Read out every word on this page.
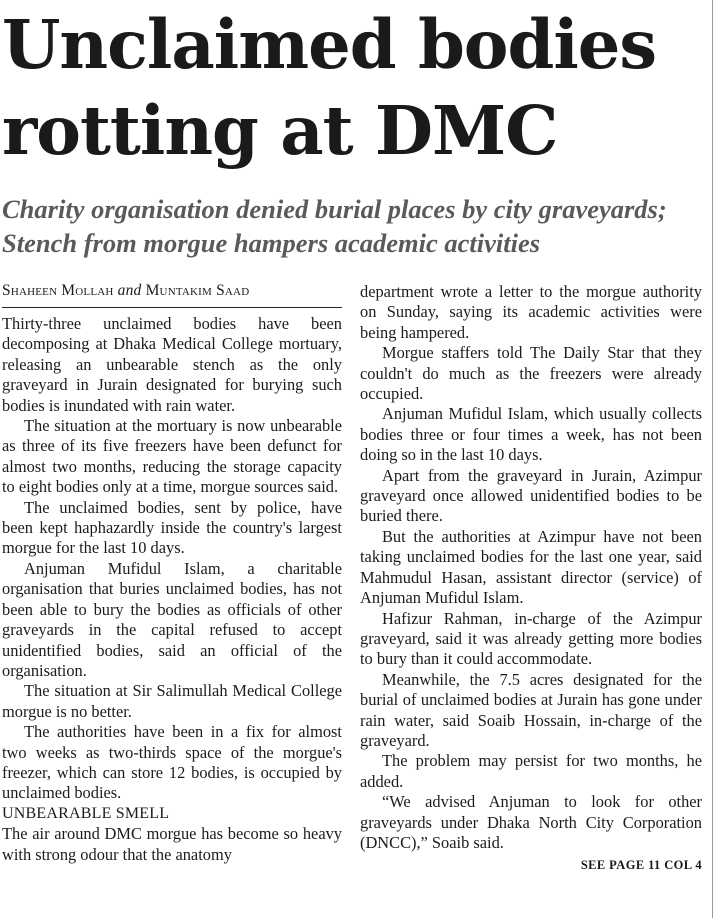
Unclaimed bodies
rotting at DMC
Charity organisation denied burial places by city graveyards;
Stench from morgue hampers academic activities
Shaheen Mollah and Muntakim Saad

Thirty-three unclaimed bodies have been decomposing at Dhaka Medical College mortuary, releasing an unbearable stench as the only graveyard in Jurain designated for burying such bodies is inundated with rain water.

The situation at the mortuary is now unbearable as three of its five freezers have been defunct for almost two months, reducing the storage capacity to eight bodies only at a time, morgue sources said.

The unclaimed bodies, sent by police, have been kept haphazardly inside the country's largest morgue for the last 10 days.

Anjuman Mufidul Islam, a charitable organisation that buries unclaimed bodies, has not been able to bury the bodies as officials of other graveyards in the capital refused to accept unidentified bodies, said an official of the organisation.

The situation at Sir Salimullah Medical College morgue is no better.

The authorities have been in a fix for almost two weeks as two-thirds space of the morgue's freezer, which can store 12 bodies, is occupied by unclaimed bodies.

UNBEARABLE SMELL

The air around DMC morgue has become so heavy with strong odour that the anatomy

department wrote a letter to the morgue authority on Sunday, saying its academic activities were being hampered.

Morgue staffers told The Daily Star that they couldn't do much as the freezers were already occupied.

Anjuman Mufidul Islam, which usually collects bodies three or four times a week, has not been doing so in the last 10 days.

Apart from the graveyard in Jurain, Azimpur graveyard once allowed unidentified bodies to be buried there.

But the authorities at Azimpur have not been taking unclaimed bodies for the last one year, said Mahmudul Hasan, assistant director (service) of Anjuman Mufidul Islam.

Hafizur Rahman, in-charge of the Azimpur graveyard, said it was already getting more bodies to bury than it could accommodate.

Meanwhile, the 7.5 acres designated for the burial of unclaimed bodies at Jurain has gone under rain water, said Soaib Hossain, in-charge of the graveyard.

The problem may persist for two months, he added.

“We advised Anjuman to look for other graveyards under Dhaka North City Corporation (DNCC),” Soaib said.

SEE PAGE 11 COL 4
